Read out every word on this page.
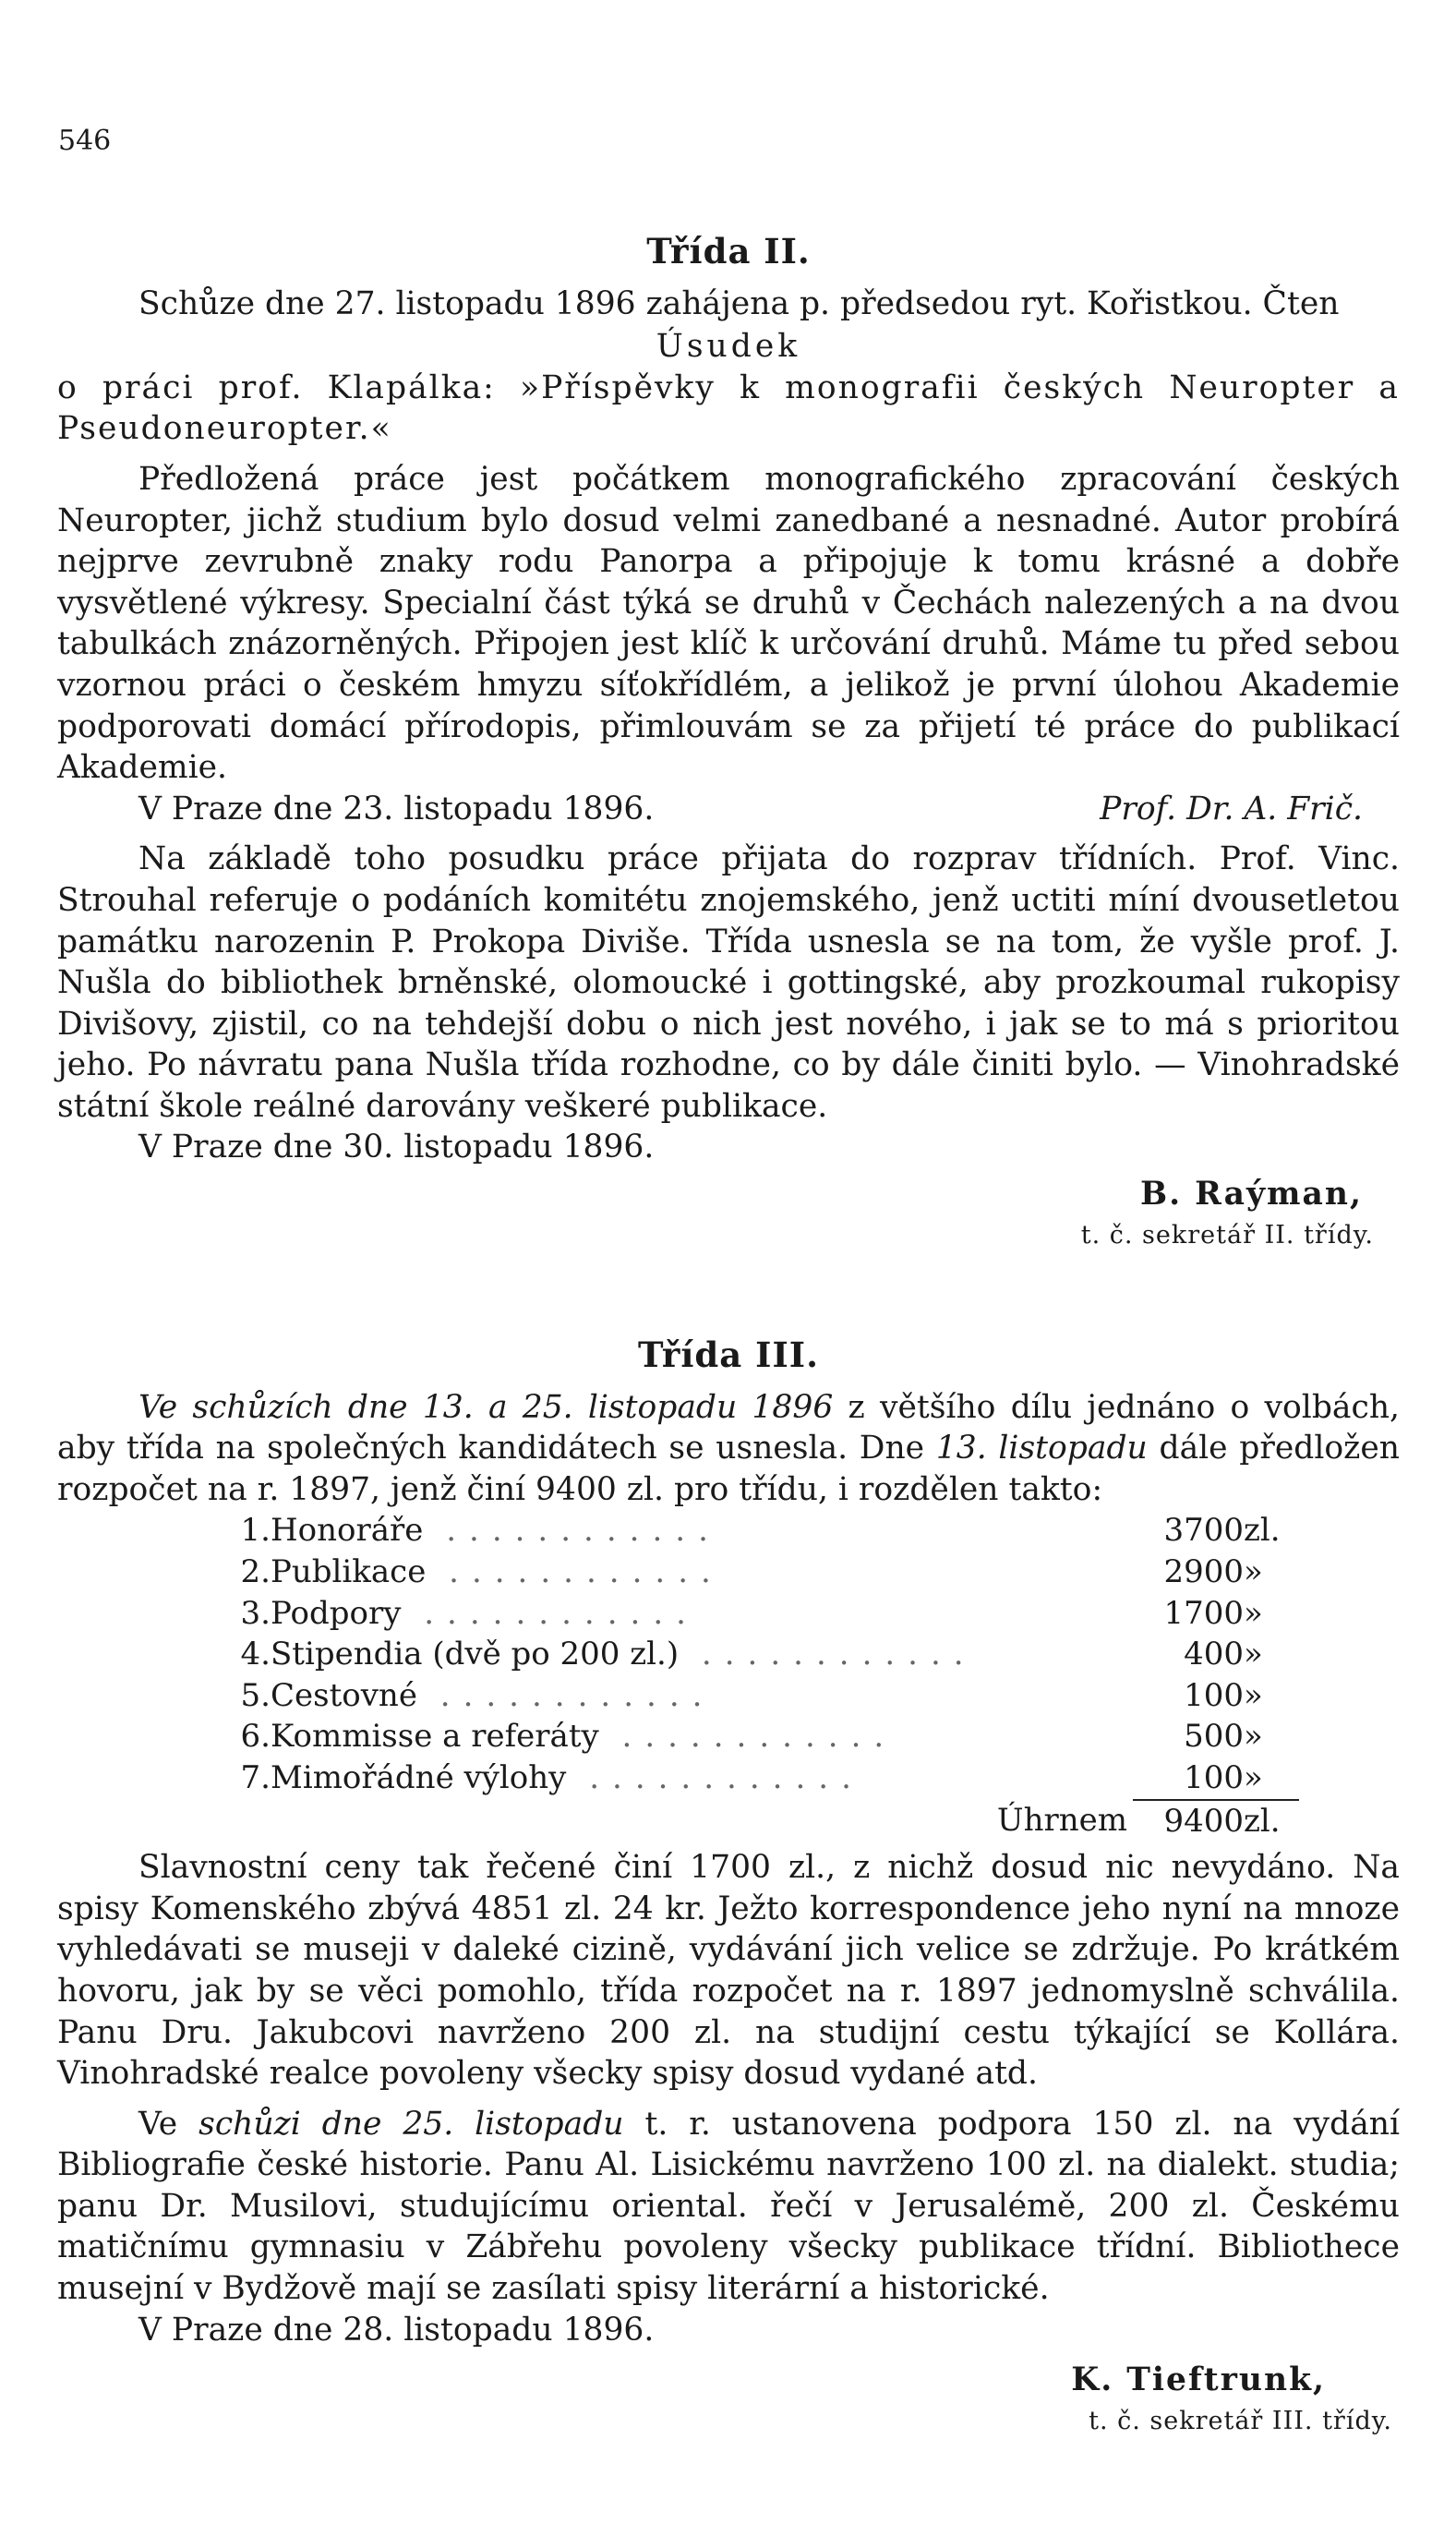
546
Třída II.

Schůze dne 27. listopadu 1896 zahájena p. předsedou ryt. Kořistkou. Čten

Úsudek

o práci prof. Klapálka: »Příspěvky k monografii českých Neuropter a Pseudoneuropter.«

Předložená práce jest počátkem monografického zpracování českých Neuropter, jichž studium bylo dosud velmi zanedbané a nesnadné. Autor probírá nejprve zevrubně znaky rodu Panorpa a připojuje k tomu krásné a dobře vysvětlené výkresy. Specialní část týká se druhů v Čechách nalezených a na dvou tabulkách znázorněných. Připojen jest klíč k určování druhů. Máme tu před sebou vzornou práci o českém hmyzu síťokřídlém, a jelikož je první úlohou Akademie podporovati domácí přírodopis, přimlouvám se za přijetí té práce do publikací Akademie.

V Praze dne 23. listopadu 1896.	Prof. Dr. A. Frič.

Na základě toho posudku práce přijata do rozprav třídních. Prof. Vinc. Strouhal referuje o podáních komitétu znojemského, jenž uctiti míní dvousetletou památku narozenin P. Prokopa Diviše. Třída usnesla se na tom, že vyšle prof. J. Nušla do bibliothek brněnské, olomoucké i gottingské, aby prozkoumal rukopisy Divišovy, zjistil, co na tehdejší dobu o nich jest nového, i jak se to má s prioritou jeho. Po návratu pana Nušla třída rozhodne, co by dále činiti bylo. — Vinohradské státní škole reálné darovány veškeré publikace.

V Praze dne 30. listopadu 1896.
B. Raýman,
t. č. sekretář II. třídy.
Třída III.

Ve schůzích dne 13. a 25. listopadu 1896 z většího dílu jednáno o volbách, aby třída na společných kandidátech se usnesla. Dne 13. listopadu dále předložen rozpočet na r. 1897, jenž činí 9400 zl. pro třídu, i rozdělen takto:

1.	Honoráře ............	3700	zl.
2.	Publikace ............	2900	»
3.	Podpory ............	1700	»
4.	Stipendia (dvě po 200 zl.) ............	400	»
5.	Cestovné ............	100	»
6.	Kommisse a referáty ............	500	»
7.	Mimořádné výlohy ............	100	»
	Úhrnem	9400	zl.

Slavnostní ceny tak řečené činí 1700 zl., z nichž dosud nic nevydáno. Na spisy Komenského zbývá 4851 zl. 24 kr. Ježto korrespondence jeho nyní na mnoze vyhledávati se museji v daleké cizině, vydávání jich velice se zdržuje. Po krátkém hovoru, jak by se věci pomohlo, třída rozpočet na r. 1897 jednomyslně schválila. Panu Dru. Jakubcovi navrženo 200 zl. na studijní cestu týkající se Kollára. Vinohradské realce povoleny všecky spisy dosud vydané atd.

Ve schůzi dne 25. listopadu t. r. ustanovena podpora 150 zl. na vydání Bibliografie české historie. Panu Al. Lisickému navrženo 100 zl. na dialekt. studia; panu Dr. Musilovi, studujícímu oriental. řečí v Jerusalémě, 200 zl. Českému matičnímu gymnasiu v Zábřehu povoleny všecky publikace třídní. Bibliothece musejní v Bydžově mají se zasílati spisy literární a historické.

V Praze dne 28. listopadu 1896.
K. Tieftrunk,
t. č. sekretář III. třídy.
